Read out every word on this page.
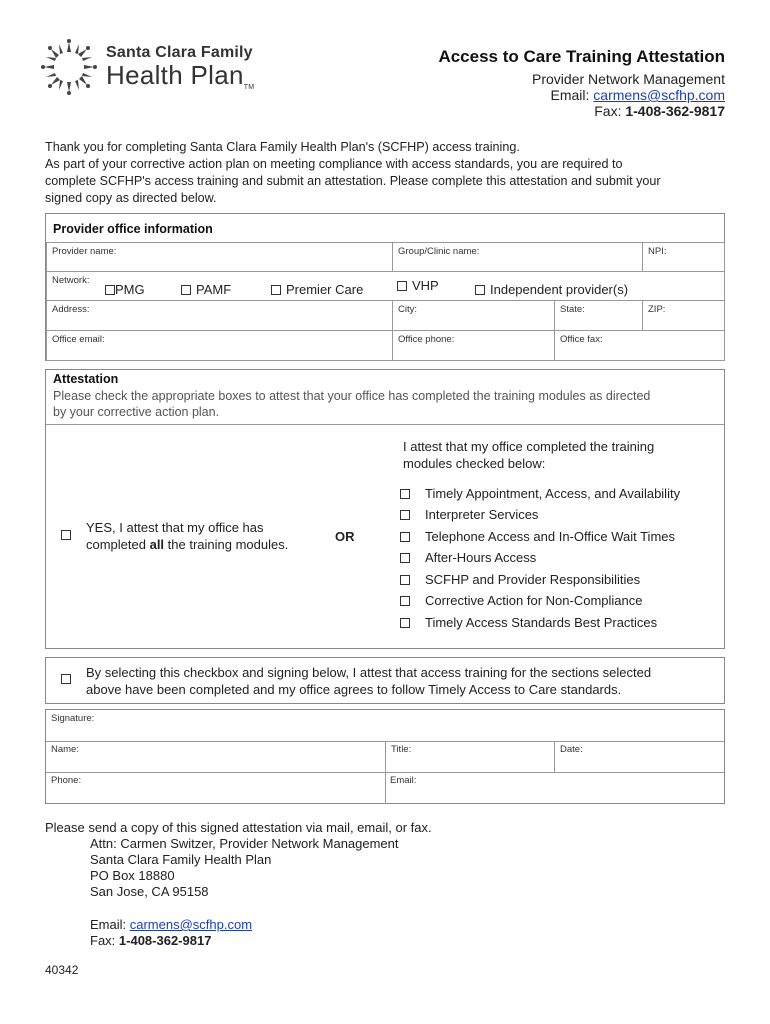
Santa Clara Family
Health PlanTM
Access to Care Training Attestation
Provider Network Management
Email: carmens@scfhp.com
Fax: 1-408-362-9817
Thank you for completing Santa Clara Family Health Plan's (SCFHP) access training.
As part of your corrective action plan on meeting compliance with access standards, you are required to
complete SCFHP's access training and submit an attestation. Please complete this attestation and submit your
signed copy as directed below.
Provider office information
Provider name:	Group/Clinic name:	NPI:
Network:
PMG	PAMF	Premier Care	VHP	Independent provider(s)
Address:	City:	State:	ZIP:
Office email:	Office phone:	Office fax:
Attestation
Please check the appropriate boxes to attest that your office has completed the training modules as directed
by your corrective action plan.
YES, I attest that my office has
completed all the training modules.
OR
I attest that my office completed the training
modules checked below:
Timely Appointment, Access, and Availability
Interpreter Services
Telephone Access and In-Office Wait Times
After-Hours Access
SCFHP and Provider Responsibilities
Corrective Action for Non-Compliance
Timely Access Standards Best Practices
By selecting this checkbox and signing below, I attest that access training for the sections selected
above have been completed and my office agrees to follow Timely Access to Care standards.
Signature:
Name:	Title:	Date:
Phone:	Email:
Please send a copy of this signed attestation via mail, email, or fax.
Attn: Carmen Switzer, Provider Network Management
Santa Clara Family Health Plan
PO Box 18880
San Jose, CA 95158
Email: carmens@scfhp.com
Fax: 1-408-362-9817
40342
